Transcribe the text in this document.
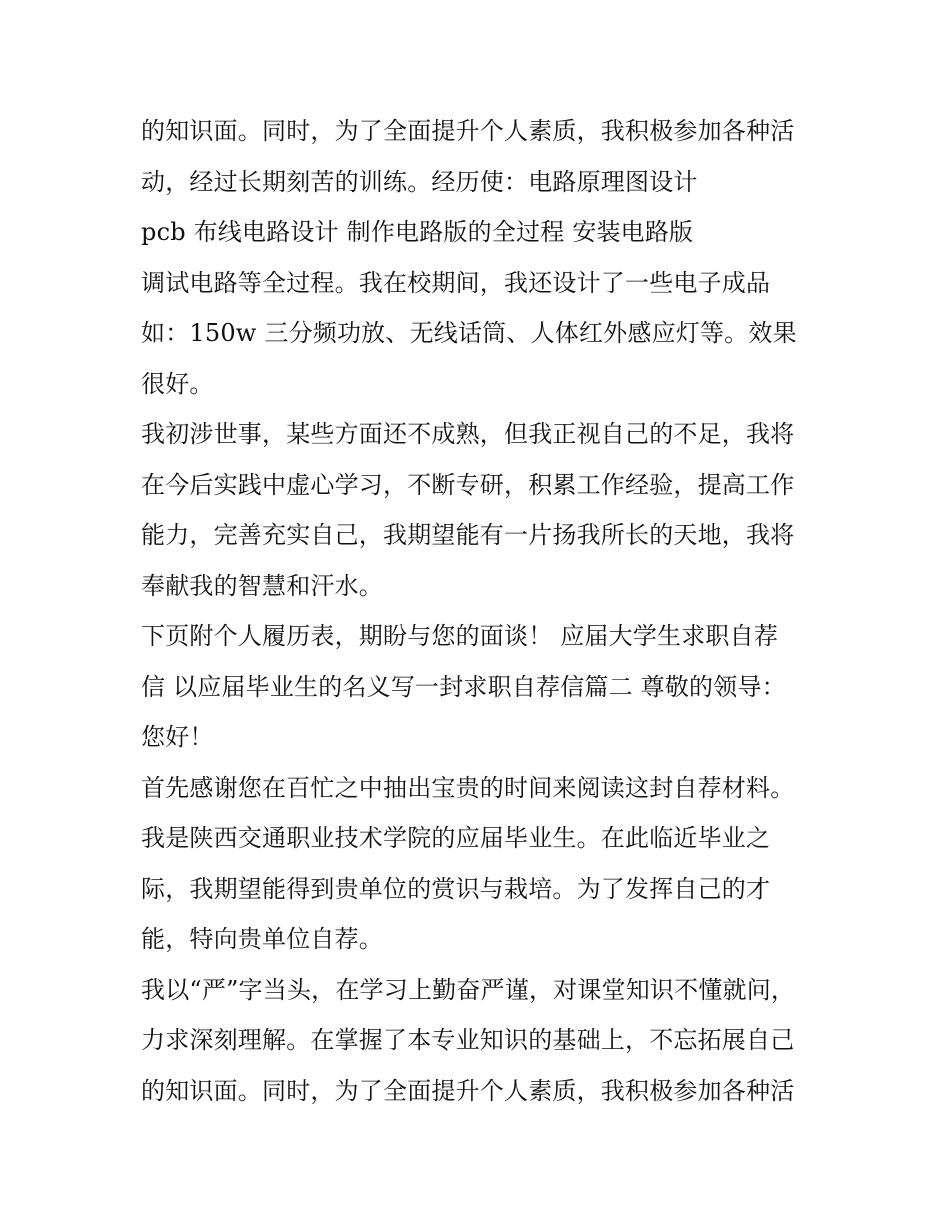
的知识面。同时，为了全面提升个人素质，我积极参加各种活
动，经过长期刻苦的训练。经历使：电路原理图设计
pcb 布线电路设计 制作电路版的全过程 安装电路版
调试电路等全过程。我在校期间，我还设计了一些电子成品
如：150w 三分频功放、无线话筒、人体红外感应灯等。效果
很好。
我初涉世事，某些方面还不成熟，但我正视自己的不足，我将
在今后实践中虚心学习，不断专研，积累工作经验，提高工作
能力，完善充实自己，我期望能有一片扬我所长的天地，我将
奉献我的智慧和汗水。
下页附个人履历表，期盼与您的面谈！ 应届大学生求职自荐
信 以应届毕业生的名义写一封求职自荐信篇二 尊敬的领导：
您好！
首先感谢您在百忙之中抽出宝贵的时间来阅读这封自荐材料。
我是陕西交通职业技术学院的应届毕业生。在此临近毕业之
际，我期望能得到贵单位的赏识与栽培。为了发挥自己的才
能，特向贵单位自荐。
我以“严”字当头，在学习上勤奋严谨，对课堂知识不懂就问，
力求深刻理解。在掌握了本专业知识的基础上，不忘拓展自己
的知识面。同时，为了全面提升个人素质，我积极参加各种活
